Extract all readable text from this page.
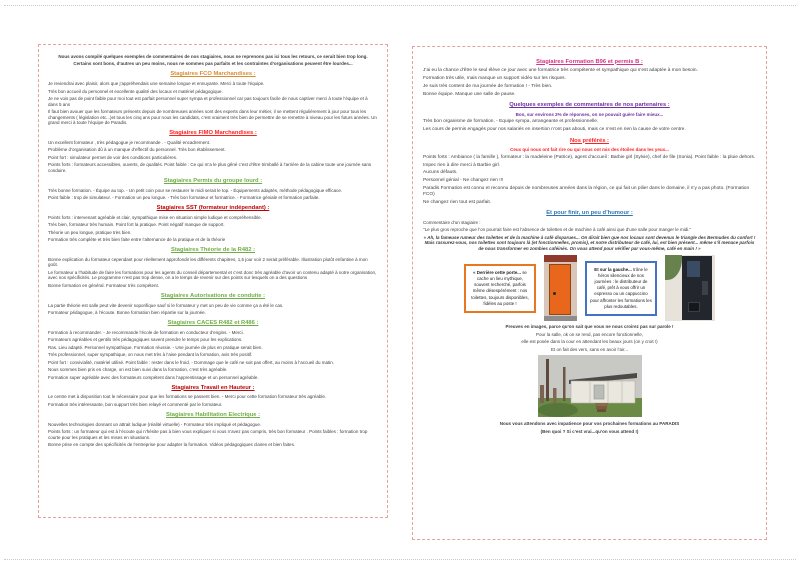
Nous avons compilé quelques exemples de commentaires de nos stagiaires, nous ne reprenons pas ici tous les retours, ce serait bien trop long.

Certains sont bons, d’autres un peu moins, nous ne sommes pas parfaits et les contraintes d’organisations peuvent être lourdes...

Stagiaires FCO Marchandises :

Je reviendrai avec plaisir, alors que j’appréhendais une semaine longue et ennuyante. Merci à toute l’équipe.

Très bon accueil du personnel et excellente qualité des locaux et matériel pédagogique.

Je ne vois pas de point faible pour moi tout est parfait personnel super sympa et professionnel car pas toujours facile de nous captiver merci à toute l’équipe et à dans 5 ans

Il faut bien avouer que les formateurs présents depuis de nombreuses années sont des experts dans leur métier, il se mettent régulièrement à jour pour tous les changements ( législation etc...)et tous les cinq ans pour nous les candidats, c’est vraiment très bien de permettre de se remettre à niveau pour les futurs années. Un grand merci à toute l’équipe de Paradis.

Stagiaires FIMO Marchandises :

Un excellent formateur , très pédagogue je recommande . - Qualité encadrement.

Problème d’organisation dû à un manque d’effectif du personnel. Très bon établissement.

Point fort : simulateur permet de voir des conditions particulières.

Points forts : formateurs accessibles, ouverts, de qualités. Point faible : Ce qui m’a le plus gêné c’est d’être trimballé à l’arrière de la cabine toute une journée sans conduire.

Stagiaires Permis du groupe lourd :

Très bonne formation. - Équipe au top. - Un petit coin pour se restaurer le midi serait le top. - Équipements adaptés, méthode pédagogique efficace.

Point faible : trop de simulateur. - Formation un peu longue. - Très bon formateur et formatrice. - Formatrice géniale et formation parfaite.

Stagiaires SST (formateur indépendant) :

Points forts : intervenant agréable et clair, sympathique mise en situation simple ludique et compréhensible.

Très bien, formateur très humain. Point fort la pratique. Point négatif manque de support.

Théorie un peu longue, pratique très bien.

Formation très complète et très bien faite entre l’alternance de la pratique et de la théorie

Stagiaires Théorie de la R482 :

Bonne explication du formateur cependant pour réellement approfondir les différents chapitres, 1,5 jour voir 2 serait préférable. Illustration plutôt enfantine à mon goût.

Le formateur a l’habitude de faire les formations pour les agents du conseil départemental et c’est donc très agréable d’avoir un contenu adapté à notre organisation, avec nos spécificités. Le programme n’est pas trop dense, on a le temps de revenir sur des points sur lesquels on a des questions

Bonne formation en général. Formateur très compétent.

Stagiaires Autorisations de conduite :

La partie théorie est salle peut vite devenir soporifique sauf si le formateur y met un peu de vie comme ça a été le cas.

Formateur pédagogue, à l’écoute. Bonne formation bien répartie sur la journée.

Stagiaires CACES R482 et R486 :

Formation à recommander. - Je recommande l’école de formation en conducteur d’engins. - Merci.

Formateurs agréables et gentils très pédagogiques savent prendre le temps pour les explications.

Ras. Lieu adapté. Personnel sympathique. Formation réussie. - Une journée de plus en pratique serait bien.

Très professionnel, super sympathique, on nous met très à l’aise pendant la formation, avis très positif.

Point fort : convivialité, matériel utilisé. Point faible : rester dans le froid. - Dommage que le café ne soit pas offert, au moins à l’accueil du matin.

Nous sommes bien pris en charge, on est bien suivi dans la formation, c’est très agréable.

Formation super agréable avec des formateurs compétent dans l’apprentissage et un personnel agréable.

Stagiaires Travail en Hauteur :

Le centre met à disposition tout le nécessaire pour que les formations se passent bien. - Merci pour cette formation formateur très agréable.

Formation très intéressante, bon support très bien relayé et commenté par le formateur.

Stagiaires Habilitation Electrique :

Nouvelles technologies donnant un attrait ludique (réalité virtuelle) - Formateur très impliqué et pédagogue.

Points forts : un formateur qui est à l’écoute qui n’hésite pas à bien vous expliquer si vous n’avez pas compris, très bon formateur . Points faibles : formation trop courte pour les pratiques et les mises en situations.

Bonne prise en compte des spécificités de l’entreprise pour adapter la formation. Vidéos pédagogiques claires et bien faites.

Stagiaires Formation B96 et permis B :

J’ai eu la chance d’être le seul élève ce jour avec une formatrice très compétente et sympathique qui s’est adaptée à mon besoin.

Formation très utile, mais manque un support vidéo sur les risques.

Je suis très content de ma journée de formation ! - Très bien.

Bonne équipe. Manque une salle de pause.

Quelques exemples de commentaires de nos partenaires :

Bon, sur environs 2% de réponses, on ne pouvait guère faire mieux...

Très bon organisme de formation. - Equipe sympa, arrangeante et professionnelle.

Les cours de permis engagés pour nos salariés en insertion n’ont pas abouti, mais ce n’est en rien la cause de votre centre.

Nos préférés :

Ceux qui nous ont fait rire ou qui nous ont mis des étoiles dans les yeux...

Points forts : Ambiance ( la famille ), formateur : la madeleine (Patrice), agent d’accueil : Barbie girl (Sylvie), chef de file (Sonia). Point faible : la pluie dehors.

Impec rien à dire merci à Barbie girl.

Aucuns défauts.

Personnel génial - Ne changez rien !!!

Paradis Formation est connu et reconnu depuis de nombreuses années dans la région, ce qui fait un pilier dans le domaine, il n’y a pas photo. (Formation FCO)

Ne changez rien tout est parfait.

Et pour finir, un peu d’humour :

Commentaire d’un stagiaire :

"Le plus gros reproche que l’on pourrait faire est l’absence de toilettes et de machine à café ainsi que d’une salle pour manger le midi."

« Ah, la fameuse rumeur des toilettes et de la machine à café disparues... On dirait bien que nos locaux sont devenus le triangle des Bermudes du confort ! Mais rassurez-vous, nos toilettes sont toujours là (et fonctionnelles, promis), et notre distributeur de café, lui, est bien présent... même s’il menace parfois de nous transformer en zombies caféinés. On vous attend pour vérifier par vous-même, café en main ! »

« Derrière cette porte... se cache un lieu mythique, souvent recherché, parfois même désespérément : nos toilettes, toujours disponibles, fidèles au poste !
Et sur la gauche... trône le héros silencieux de nos journées : le distributeur de café, prêt à vous offrir un expresso ou un cappuccino pour affronter les formations les plus redoutables.

Preuves en images, parce qu’on sait que vous ne nous croirez pas sur parole !

Pour la salle, ok on se rend, pas encore fonctionnelle,

elle est posée dans la cour en attendant les beaux jours (on y croit !)

Et on fait des vers, sans en avoir l’air...

Nous vous attendons avec impatience pour vos prochaines formations au PARADIS

(Ben quoi ? Si c’est vrai...qu’on vous attend !)
